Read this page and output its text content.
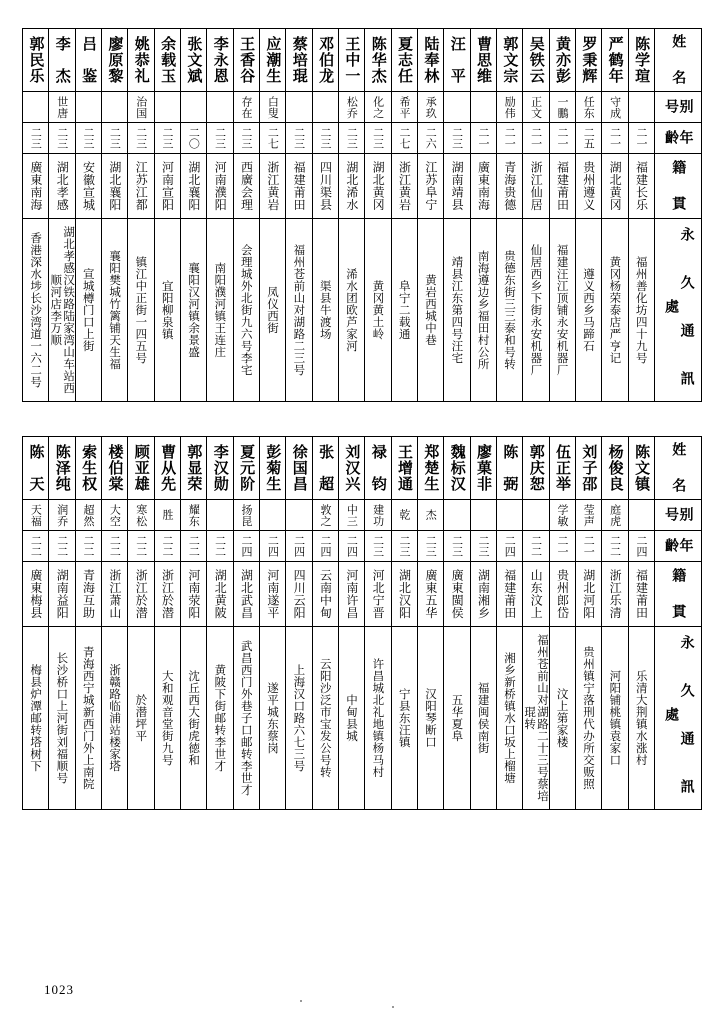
郭民乐	李　杰	吕　鉴	廖原黎	姚恭礼	余载玉	张文斌	李永恩	王香谷	应潮生	蔡培琨	邓伯龙	王中一	陈华杰	夏志任	陆奉林	汪　平	曹思维	郭文宗	吴铁云	黄亦彭	罗秉辉	严鹤年	陈学瑄	姓 名

	世唐			治国				存在	白叟			松乔	化之	希平	承玖			励伟	正文	一鵬	任东	守成		别 号

二三	二三	二三	二三	二三	二三	二〇	二三	二三	二七	二三	二三	二三	二三	二七	二六	二三	二一	二一	二一	二一	二五	二一	二一	年 齡

廣東南海	湖北孝感	安徽宣城	湖北襄阳	江苏江都	河南宣阳	湖北襄阳	河南濮阳	西廣会理	浙江黄岩	福建莆田	四川渠县	湖北浠水	湖北黄冈	浙江黄岩	江苏阜宁	湖南靖县	廣東南海	青海贵德	浙江仙居	福建莆田	贵州遵义	湖北黄冈	福建长乐	籍 貫

香港深水埗长沙湾道一六二号	湖北孝感汉铁路陆家湾山车站西顺河店李万顺	宣城樽门口上街	襄阳樊城竹篱铺天生福	镇江中正街一四五号	宜阳柳泉镇	襄阳汉河镇余景盛	南阳濮河镇王连庄	会理城外北街九六号李宅	凤仪西街	福州苍前山对湖路二三号	渠县牛渡场	浠水团欧芦家河	黄冈黄土岭	阜宁二载通	黄岩西城中巷	靖县江东第四号汪宅	南海遵边乡福田村公所	贵德东街三三泰和号转	仙居西乡下街永安机器厂	福建汪江顶铺永安机器厂	遵义西乡马蹄石	黄冈杨荣泰店严亨记	福州善化坊四十九号	永 久 通 訊 處
陈　天	陈泽纯	索生权	楼伯棠	顾亚雄	曹从先	郭显荣	李汉勋	夏元阶	彭菊生	徐国昌	张　超	刘汉兴	禄　钧	王增通	郑楚生	魏标汉	廖菓非	陈　弼	郭庆恕	伍正举	刘子邵	杨俊良	陈文镇	姓 名

天福	润乔	超然	大空	寒松	胜	耀东		扬昆			敦之	中三	建功	乾	杰					学敏	莹声	庭虎		别 号

二二	二二	二二	二二	二二	二二	二二	二二	二四	二四	二四	二四	二四	二三	二三	二三	二三	二三	二四	二二	二一	二一	二二	二四	年 齡

廣東梅县	湖南益阳	青海互助	浙江萧山	浙江於潜	浙江於潜	河南荥阳	湖北黄陂	湖北武昌	河南遂平	四川云阳	云南中甸	河南许昌	河北宁晋	湖北汉阳	廣東五华	廣東閩侯	湖南湘乡	福建莆田	山东汶上	贵州郎岱	湖北河阳	浙江乐清	福建莆田	籍 貫

梅县炉潭邮转塔树下	长沙桥口上河街刘福顺号	青海西宁城新西门外上南院	浙赣路临浦站楼家塔	於潜坪平	大和观音堂街九号	沈丘西大街虎徳和	黄陂下街邮转李世才	武昌西门外巷子口邮转李世才	遂平城东蔡岗	上海汉口路六七三号	云阳沙泛市宝发公号转	中甸县城	许昌城北礼地镇杨马村	宁县东汪镇	汉阳琴断口	五华夏阜	福建闽侯南街	湘乡新桥镇水口坂上榴塘	福州苍前山对湖路二十三号蔡培琨转	汶上第家楼	贵州镇宁落刑代办所交贩照	河阳铺桃镇袁家口	乐清大荆镇水涨村	永 久 通 訊 處
1023
